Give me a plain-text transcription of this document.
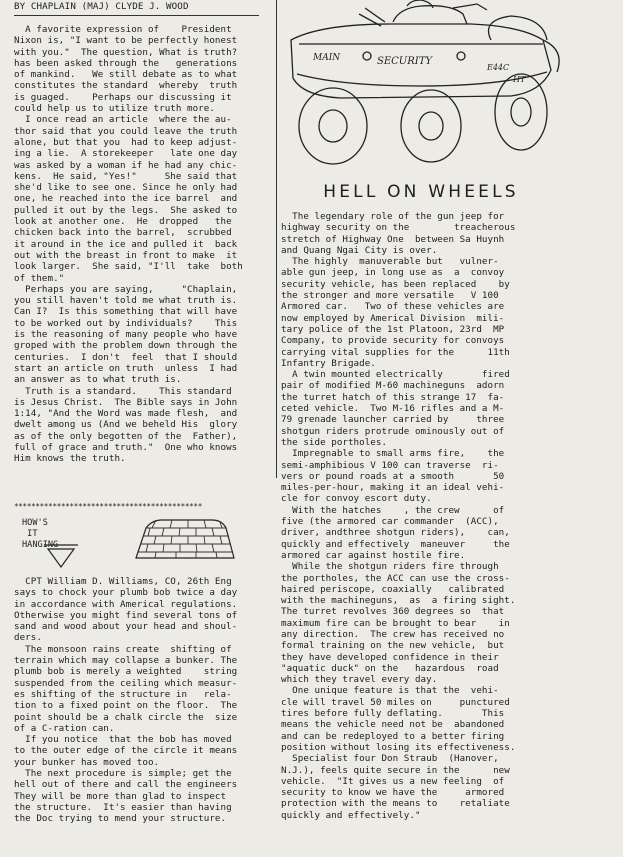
BY CHAPLAIN (MAJ) CLYDE J. WOOD
A favorite expression of    President
Nixon is, "I want to be perfectly honest
with you."  The question, What is truth?
has been asked through the   generations
of mankind.   We still debate as to what
constitutes the standard  whereby  truth
is guaged.    Perhaps our discussing it
could help us to utilize truth more.
I once read an article  where the au-
thor said that you could leave the truth
alone, but that you  had to keep adjust-
ing a lie.  A storekeeper   late one day
was asked by a woman if he had any chic-
kens.  He said, "Yes!"     She said that
she'd like to see one. Since he only had
one, he reached into the ice barrel  and
pulled it out by the legs.  She asked to
look at another one.  He  dropped   the
chicken back into the barrel,  scrubbed
it around in the ice and pulled it  back
out with the breast in front to make  it
look larger.  She said, "I'll  take  both
of them."
Perhaps you are saying,     "Chaplain,
you still haven't told me what truth is.
Can I?  Is this something that will have
to be worked out by individuals?    This
is the reasoning of many people who have
groped with the problem down through the
centuries.  I don't  feel  that I should
start an article on truth  unless  I had
an answer as to what truth is.
Truth is a standard.    This standard
is Jesus Christ.  The Bible says in John
1:14, "And the Word was made flesh,  and
dwelt among us (And we beheld His  glory
as of the only begotten of the  Father),
full of grace and truth."  One who knows
Him knows the truth.
********************************************
HOW'S
IT
HANGING
CPT William D. Williams, CO, 26th Eng
says to chock your plumb bob twice a day
in accordance with Americal regulations.
Otherwise you might find several tons of
sand and wood about your head and shoul-
ders.
The monsoon rains create  shifting of
terrain which may collapse a bunker. The
plumb bob is merely a weighted    string
suspended from the ceiling which measur-
es shifting of the structure in   rela-
tion to a fixed point on the floor.  The
point should be a chalk circle the  size
of a C-ration can.
If you notice  that the bob has moved
to the outer edge of the circle it means
your bunker has moved too.
The next procedure is simple; get the
hell out of there and call the engineers
They will be more than glad to inspect
the structure.  It's easier than having
the Doc trying to mend your structure.
MAIN	SECURITY
E44C
HT
HELL ON WHEELS
The legendary role of the gun jeep for
highway security on the        treacherous
stretch of Highway One  between Sa Huynh
and Quang Ngai City is over.
The highly  manuverable but   vulner-
able gun jeep, in long use as  a  convoy
security vehicle, has been replaced    by
the stronger and more versatile   V 100
Armored car.   Two of these vehicles are
now employed by Americal Division  mili-
tary police of the 1st Platoon, 23rd  MP
Company, to provide security for convoys
carrying vital supplies for the      11th
Infantry Brigade.
A twin mounted electrically       fired
pair of modified M-60 machineguns  adorn
the turret hatch of this strange 17  fa-
ceted vehicle.  Two M-16 rifles and a M-
79 grenade launcher carried by     three
shotgun riders protrude ominously out of
the side portholes.
Impregnable to small arms fire,    the
semi-amphibious V 100 can traverse  ri-
vers or pound roads at a smooth       50
miles-per-hour, making it an ideal vehi-
cle for convoy escort duty.
With the hatches    , the crew      of
five (the armored car commander  (ACC),
driver, andthree shotgun riders),    can,
quickly and effectively  maneuver     the
armored car against hostile fire.
While the shotgun riders fire through
the portholes, the ACC can use the cross-
haired periscope, coaxially   calibrated
with the machineguns,  as  a firing sight.
The turret revolves 360 degrees so  that
maximum fire can be brought to bear    in
any direction.  The crew has received no
formal training on the new vehicle,  but
they have developed confidence in their
"aquatic duck" on the   hazardous  road
which they travel every day.
One unique feature is that the  vehi-
cle will travel 50 miles on     punctured
tires before fully deflating.       This
means the vehicle need not be  abandoned
and can be redeployed to a better firing
position without losing its effectiveness.
Specialist four Don Straub  (Hanover,
N.J.), feels quite secure in the      new
vehicle.  "It gives us a new feeling  of
security to know we have the     armored
protection with the means to    retaliate
quickly and effectively."
